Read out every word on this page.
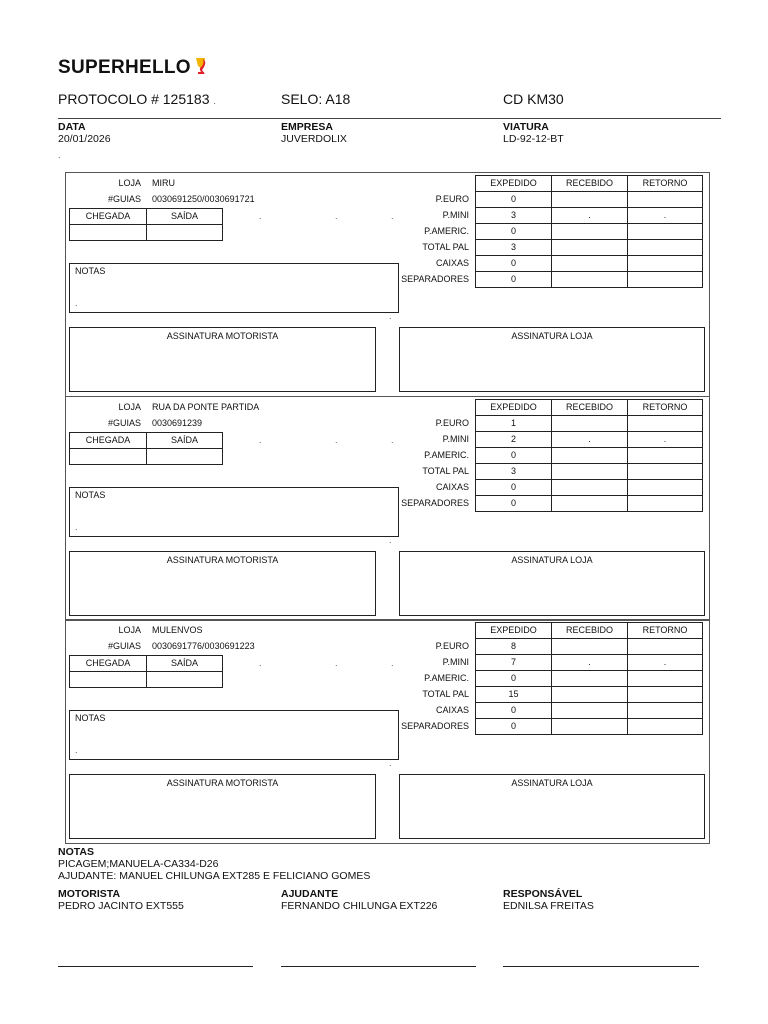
SUPERHELLO
PROTOCOLO # 125183 .	SELO: A18	CD KM30
DATA
20/01/2026
EMPRESA
JUVERDOLIX
VIATURA
LD-92-12-BT
.
LOJA MIRU
#GUIAS 0030691250/0030691721
CHEGADA	SAÍDA	.	.	.
NOTAS
.
.
EXPEDIDO	RECEBIDO	RETORNO
P.EURO	0
P.MINI	3	.	.
P.AMERIC.	0
TOTAL PAL	3
CAIXAS	0
SEPARADORES	0
ASSINATURA MOTORISTA	ASSINATURA LOJA
LOJA RUA DA PONTE PARTIDA
#GUIAS 0030691239
CHEGADA	SAÍDA	.	.	.
NOTAS
.
.
EXPEDIDO	RECEBIDO	RETORNO
P.EURO	1
P.MINI	2	.	.
P.AMERIC.	0
TOTAL PAL	3
CAIXAS	0
SEPARADORES	0
ASSINATURA MOTORISTA	ASSINATURA LOJA
LOJA MULENVOS
#GUIAS 0030691776/0030691223
CHEGADA	SAÍDA	.	.	.
NOTAS
.
.
EXPEDIDO	RECEBIDO	RETORNO
P.EURO	8
P.MINI	7	.	.
P.AMERIC.	0
TOTAL PAL	15
CAIXAS	0
SEPARADORES	0
ASSINATURA MOTORISTA	ASSINATURA LOJA
NOTAS
PICAGEM;MANUELA-CA334-D26
AJUDANTE: MANUEL CHILUNGA EXT285 E FELICIANO GOMES
MOTORISTA
PEDRO JACINTO EXT555
AJUDANTE
FERNANDO CHILUNGA EXT226
RESPONSÁVEL
EDNILSA FREITAS
